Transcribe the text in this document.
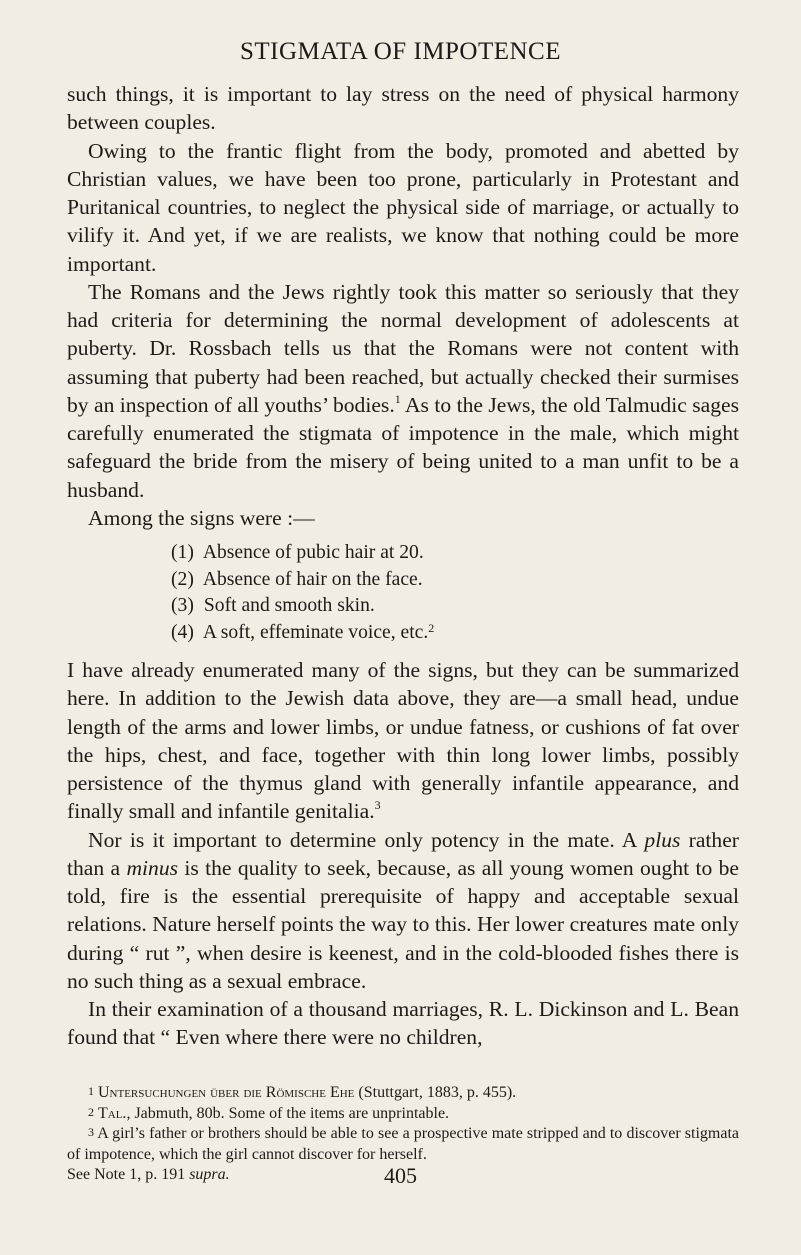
STIGMATA OF IMPOTENCE

such things, it is important to lay stress on the need of physical harmony between couples.

Owing to the frantic flight from the body, promoted and abetted by Christian values, we have been too prone, particularly in Protestant and Puritanical countries, to neglect the physical side of marriage, or actually to vilify it. And yet, if we are realists, we know that nothing could be more important.

The Romans and the Jews rightly took this matter so seriously that they had criteria for determining the normal development of adolescents at puberty. Dr. Rossbach tells us that the Romans were not content with assuming that puberty had been reached, but actually checked their surmises by an inspection of all youths’ bodies.$^1$ As to the Jews, the old Talmudic sages carefully enumerated the stigmata of impotence in the male, which might safeguard the bride from the misery of being united to a man unfit to be a husband.

Among the signs were :—

(1) Absence of pubic hair at 20.
(2) Absence of hair on the face.
(3) Soft and smooth skin.
(4) A soft, effeminate voice, etc.$^2$

I have already enumerated many of the signs, but they can be summarized here. In addition to the Jewish data above, they are—a small head, undue length of the arms and lower limbs, or undue fatness, or cushions of fat over the hips, chest, and face, together with thin long lower limbs, possibly persistence of the thymus gland with generally infantile appearance, and finally small and infantile genitalia.$^3$

Nor is it important to determine only potency in the mate. A plus rather than a minus is the quality to seek, because, as all young women ought to be told, fire is the essential prerequisite of happy and acceptable sexual relations. Nature herself points the way to this. Her lower creatures mate only during “ rut ”, when desire is keenest, and in the cold-blooded fishes there is no such thing as a sexual embrace.

In their examination of a thousand marriages, R. L. Dickinson and L. Bean found that “ Even where there were no children,

$^1$ Untersuchungen über die Römische Ehe (Stuttgart, 1883, p. 455).

$^2$ Tal., Jabmuth, 80b. Some of the items are unprintable.

$^3$ A girl’s father or brothers should be able to see a prospective mate stripped and to discover stigmata of impotence, which the girl cannot discover for herself.

See Note 1, p. 191 supra.	405
